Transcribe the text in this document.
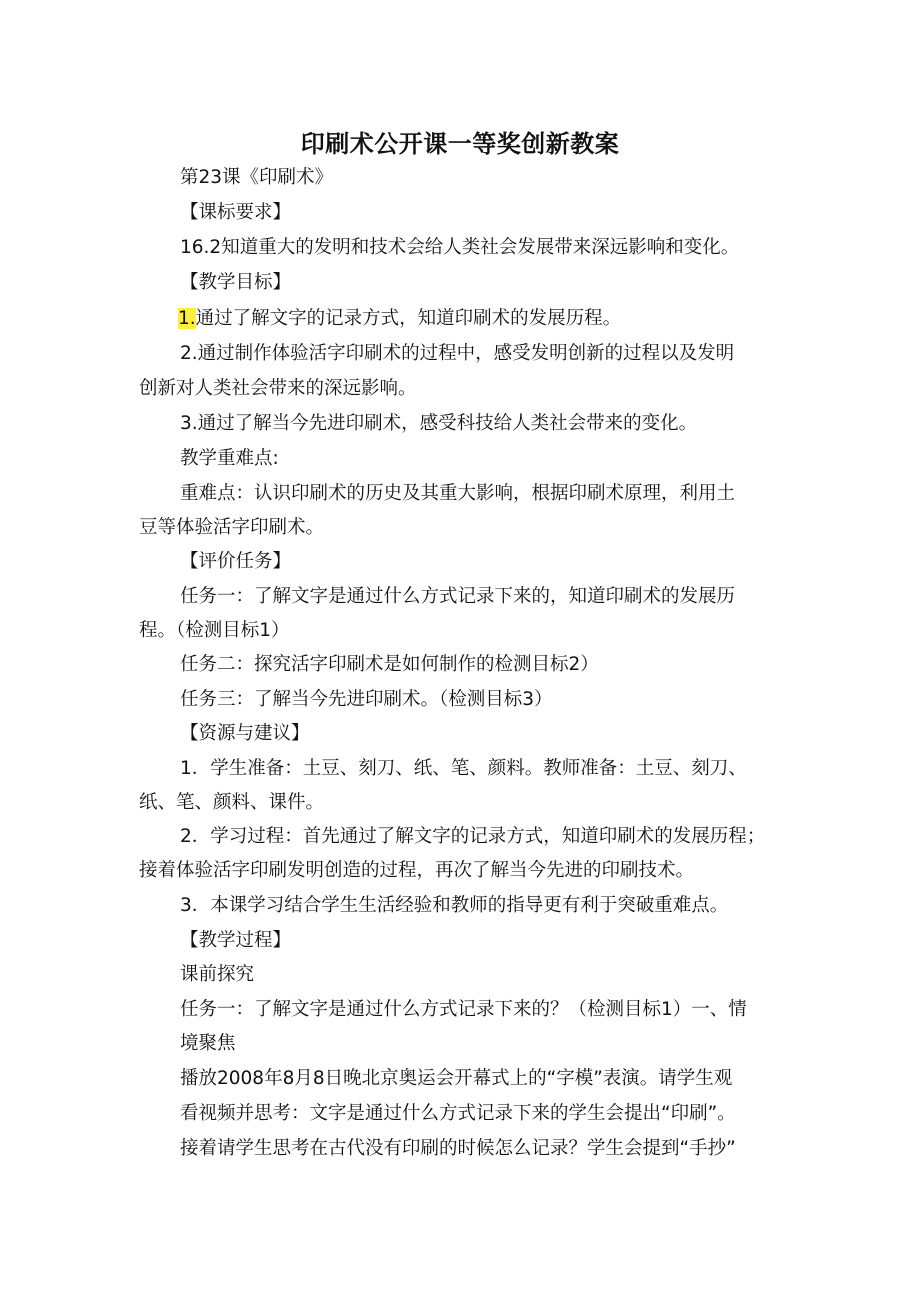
印刷术公开课一等奖创新教案
第23课《印刷术》
【课标要求】
16.2知道重大的发明和技术会给人类社会发展带来深远影响和变化。
【教学目标】
1.通过了解文字的记录方式，知道印刷术的发展历程。
2.通过制作体验活字印刷术的过程中，感受发明创新的过程以及发明
创新对人类社会带来的深远影响。
3.通过了解当今先进印刷术，感受科技给人类社会带来的变化。
教学重难点:
重难点：认识印刷术的历史及其重大影响，根据印刷术原理，利用土
豆等体验活字印刷术。
【评价任务】
任务一：了解文字是通过什么方式记录下来的，知道印刷术的发展历
程。（检测目标1）
任务二：探究活字印刷术是如何制作的检测目标2）
任务三：了解当今先进印刷术。（检测目标3）
【资源与建议】
1．学生准备：土豆、刻刀、纸、笔、颜料。教师准备：土豆、刻刀、
纸、笔、颜料、课件。
2．学习过程：首先通过了解文字的记录方式，知道印刷术的发展历程；
接着体验活字印刷发明创造的过程，再次了解当今先进的印刷技术。
3．本课学习结合学生生活经验和教师的指导更有利于突破重难点。
【教学过程】
课前探究
任务一：了解文字是通过什么方式记录下来的？（检测目标1）一、情
境聚焦
播放2008年8月8日晚北京奥运会开幕式上的“字模”表演。请学生观
看视频并思考：文字是通过什么方式记录下来的学生会提出“印刷”。
接着请学生思考在古代没有印刷的时候怎么记录？学生会提到“手抄”
